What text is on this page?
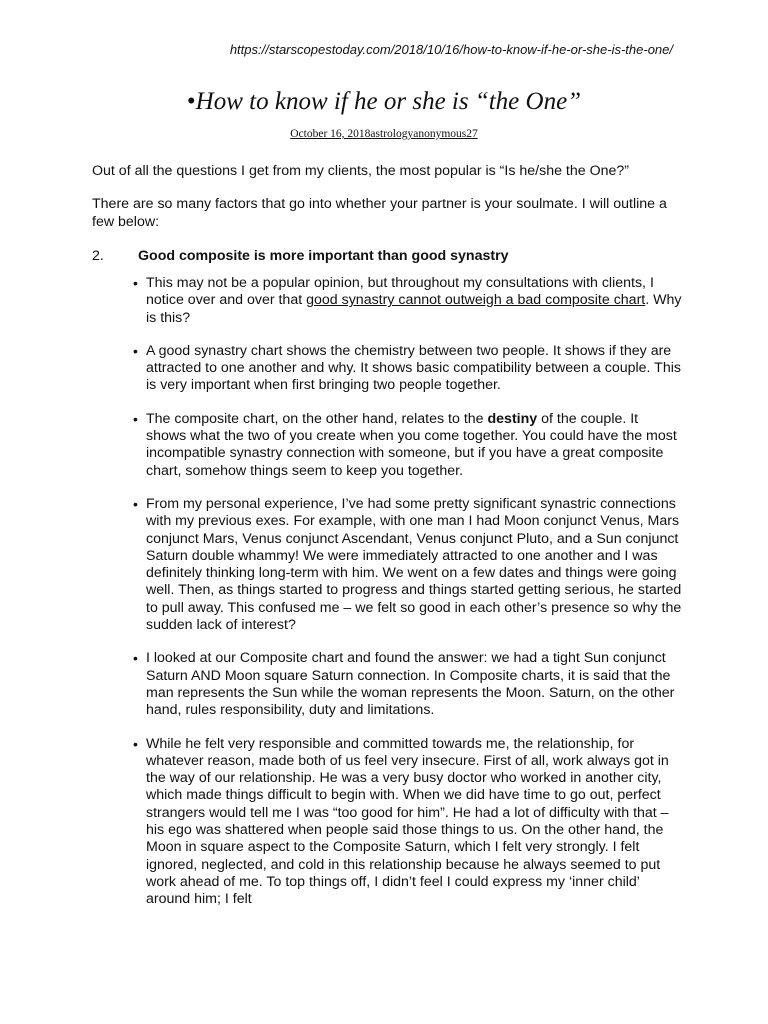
https://starscopestoday.com/2018/10/16/how-to-know-if-he-or-she-is-the-one/
•How to know if he or she is “the One”
October 16, 2018astrologyanonymous27
Out of all the questions I get from my clients, the most popular is “Is he/she the One?”
There are so many factors that go into whether your partner is your soulmate. I will outline a few below:
2. Good composite is more important than good synastry
• This may not be a popular opinion, but throughout my consultations with clients, I notice over and over that good synastry cannot outweigh a bad composite chart. Why is this?
• A good synastry chart shows the chemistry between two people. It shows if they are attracted to one another and why. It shows basic compatibility between a couple. This is very important when first bringing two people together.
• The composite chart, on the other hand, relates to the destiny of the couple. It shows what the two of you create when you come together. You could have the most incompatible synastry connection with someone, but if you have a great composite chart, somehow things seem to keep you together.
• From my personal experience, I’ve had some pretty significant synastric connections with my previous exes. For example, with one man I had Moon conjunct Venus, Mars conjunct Mars, Venus conjunct Ascendant, Venus conjunct Pluto, and a Sun conjunct Saturn double whammy! We were immediately attracted to one another and I was definitely thinking long-term with him. We went on a few dates and things were going well. Then, as things started to progress and things started getting serious, he started to pull away. This confused me – we felt so good in each other’s presence so why the sudden lack of interest?
• I looked at our Composite chart and found the answer: we had a tight Sun conjunct Saturn AND Moon square Saturn connection. In Composite charts, it is said that the man represents the Sun while the woman represents the Moon. Saturn, on the other hand, rules responsibility, duty and limitations.
• While he felt very responsible and committed towards me, the relationship, for whatever reason, made both of us feel very insecure. First of all, work always got in the way of our relationship. He was a very busy doctor who worked in another city, which made things difficult to begin with. When we did have time to go out, perfect strangers would tell me I was “too good for him”. He had a lot of difficulty with that – his ego was shattered when people said those things to us. On the other hand, the Moon in square aspect to the Composite Saturn, which I felt very strongly. I felt ignored, neglected, and cold in this relationship because he always seemed to put work ahead of me. To top things off, I didn’t feel I could express my ‘inner child’ around him; I felt
